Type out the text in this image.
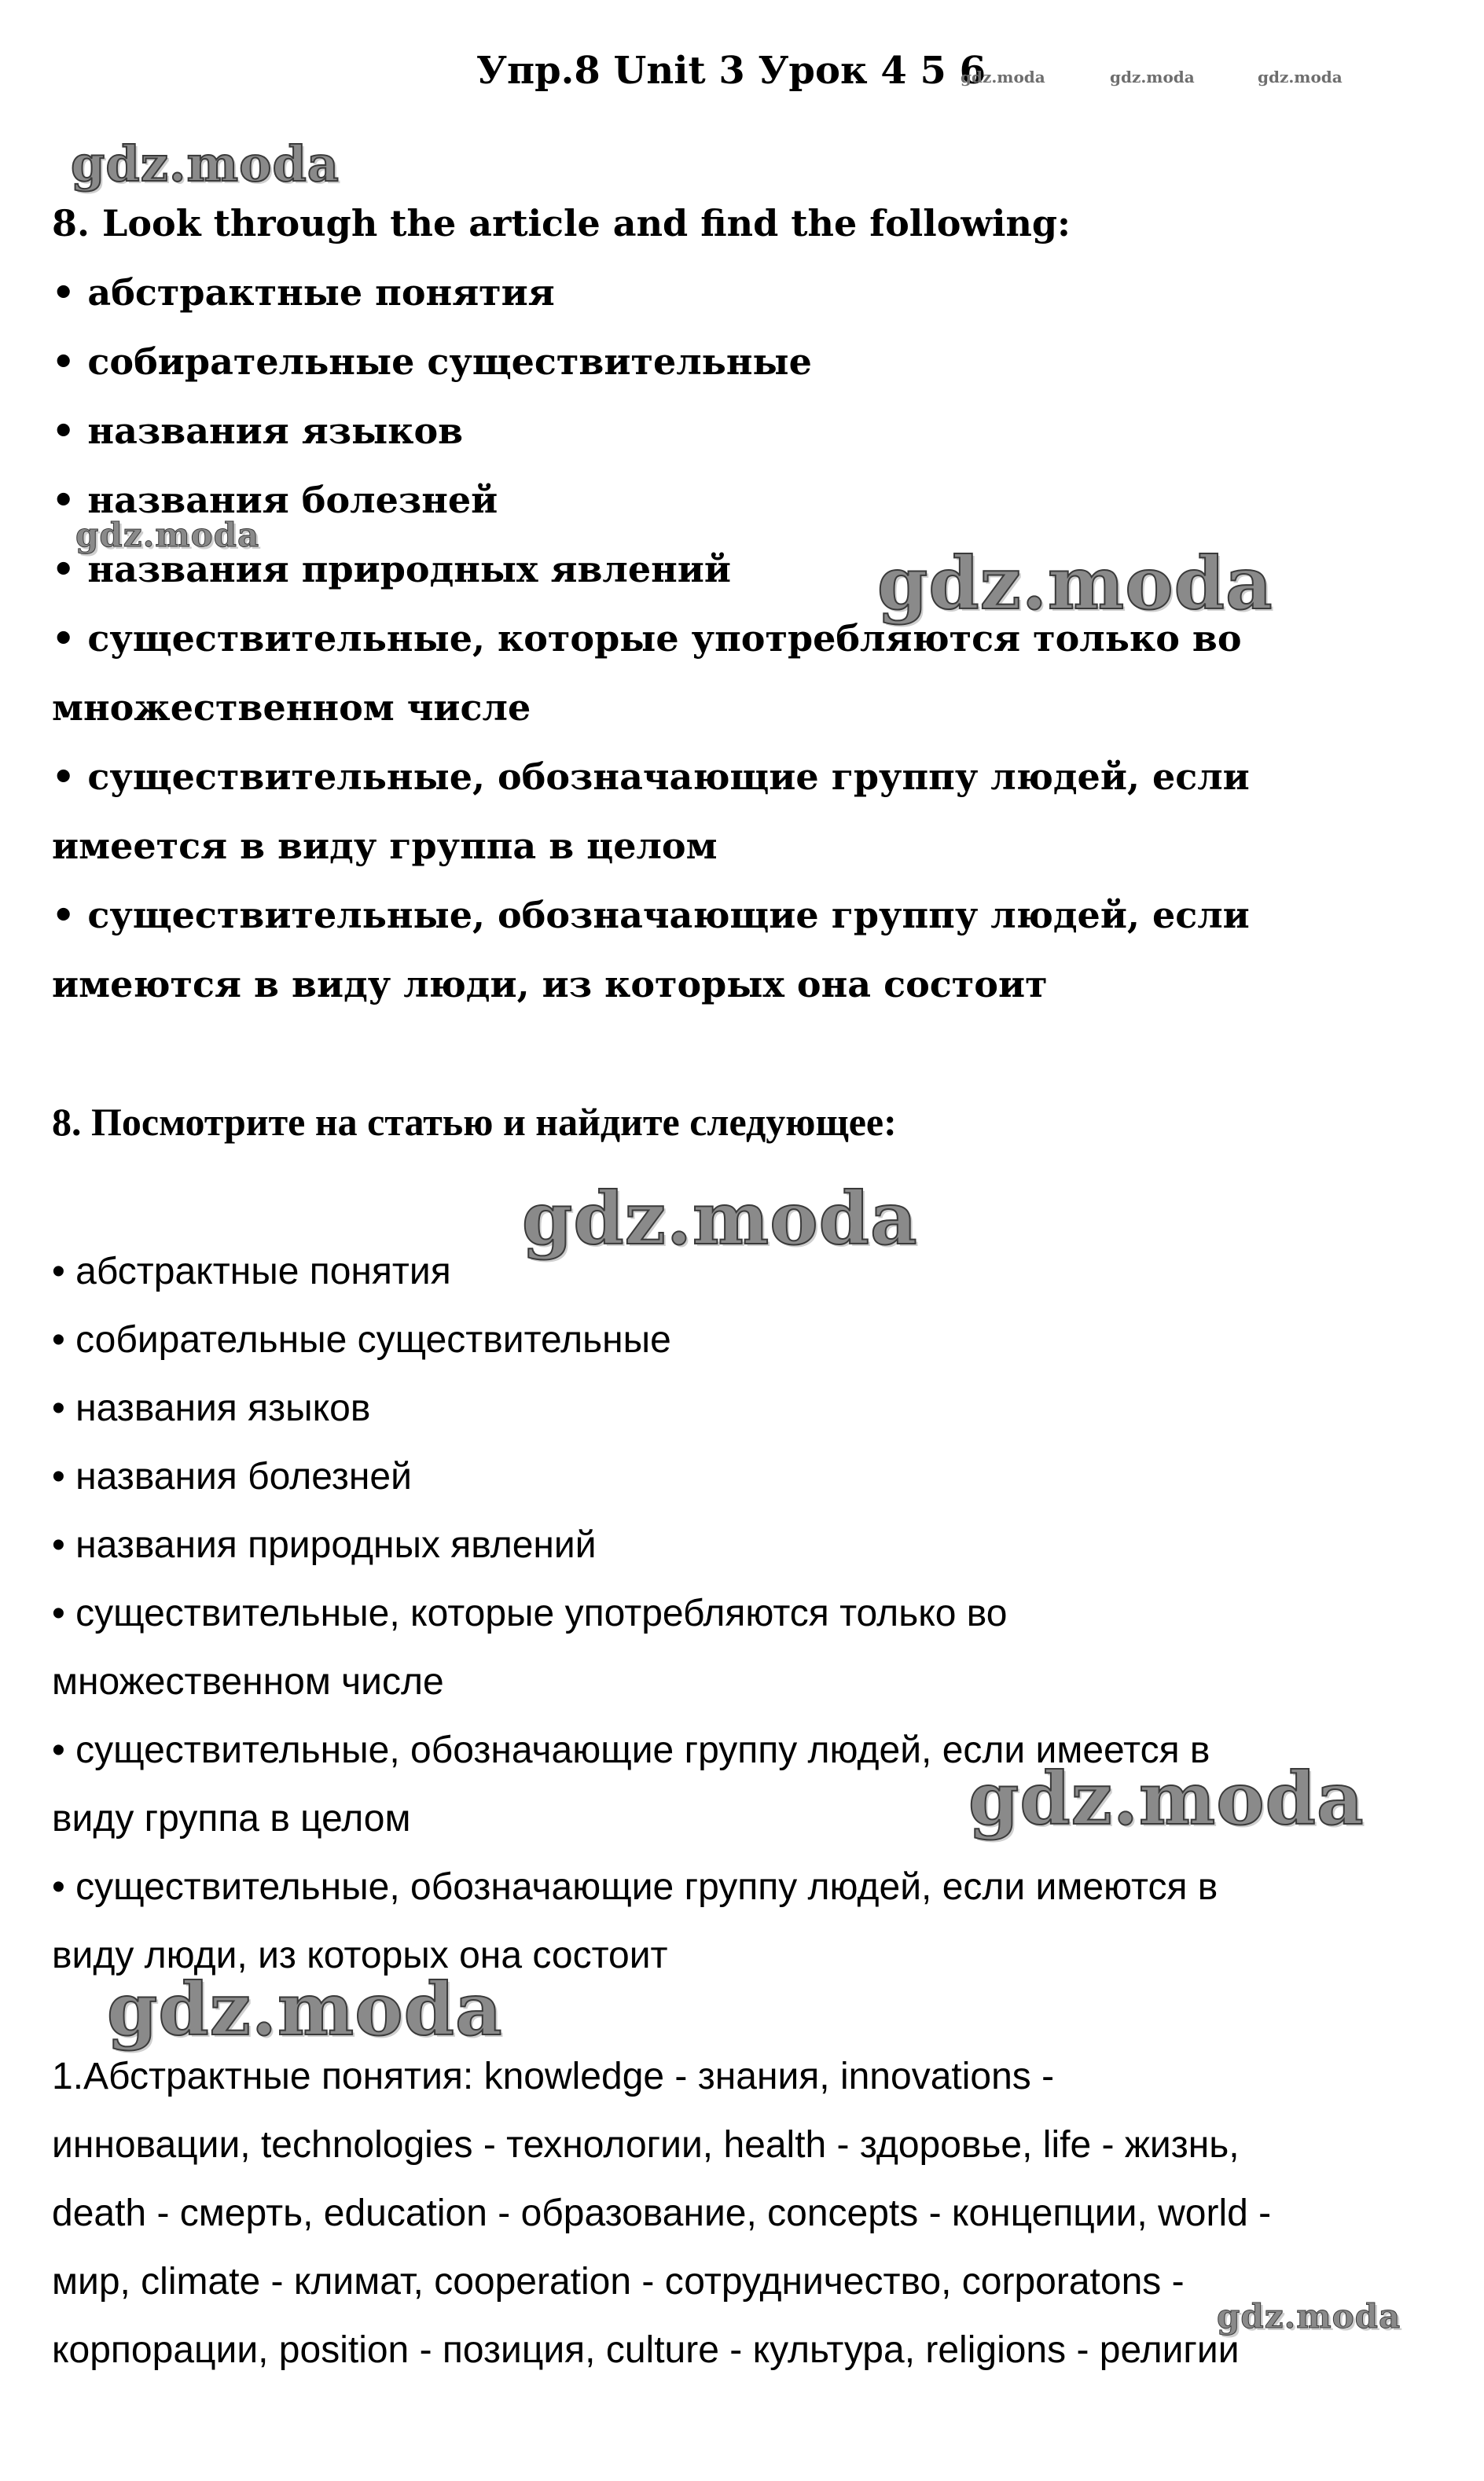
Упр.8 Unit 3 Урок 4 5 6
gdz.moda	gdz.moda	gdz.moda
gdz.moda
8. Look through the article and find the following:
• абстрактные понятия
• собирательные существительные
• названия языков
• названия болезней
• названия природных явлений
• существительные, которые употребляются только во
множественном числе
• существительные, обозначающие группу людей, если
имеется в виду группа в целом
• существительные, обозначающие группу людей, если
имеются в виду люди, из которых она состоит
gdz.moda
gdz.moda
8. Посмотрите на статью и найдите следующее:
gdz.moda
• абстрактные понятия
• собирательные существительные
• названия языков
• названия болезней
• названия природных явлений
• существительные, которые употребляются только во
множественном числе
• существительные, обозначающие группу людей, если имеется в
виду группа в целом
• существительные, обозначающие группу людей, если имеются в
виду люди, из которых она состоит
gdz.moda
gdz.moda
1.Абстрактные понятия: knowledge - знания, innovations -
инновации, technologies - технологии, health - здоровье, life - жизнь,
death - смерть, education - образование, concepts - концепции, world -
мир, climate - климат, cooperation - сотрудничество, corporatons -
корпорации, position - позиция, culture - культура, religions - религии
gdz.moda
